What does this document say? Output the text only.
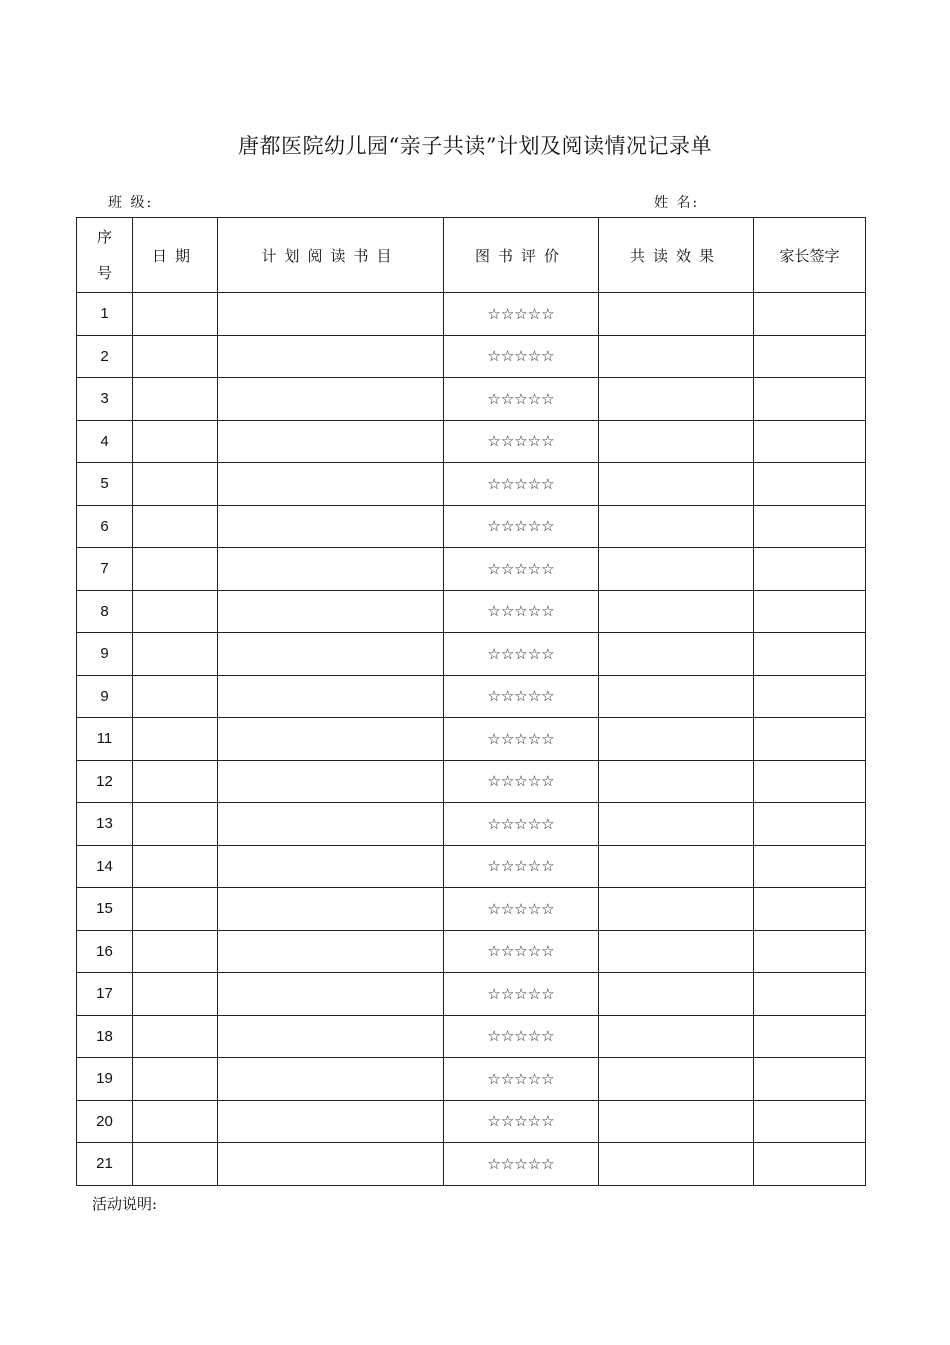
唐都医院幼儿园“亲子共读”计划及阅读情况记录单
班 级:	姓 名:
序
号	日期	计划阅读书目	图书评价	共读效果	家长签字
1			☆☆☆☆☆		
2			☆☆☆☆☆		
3			☆☆☆☆☆		
4			☆☆☆☆☆		
5			☆☆☆☆☆		
6			☆☆☆☆☆		
7			☆☆☆☆☆		
8			☆☆☆☆☆		
9			☆☆☆☆☆		
9			☆☆☆☆☆		
11			☆☆☆☆☆		
12			☆☆☆☆☆		
13			☆☆☆☆☆		
14			☆☆☆☆☆		
15			☆☆☆☆☆		
16			☆☆☆☆☆		
17			☆☆☆☆☆		
18			☆☆☆☆☆		
19			☆☆☆☆☆		
20			☆☆☆☆☆		
21			☆☆☆☆☆		
活动说明:
